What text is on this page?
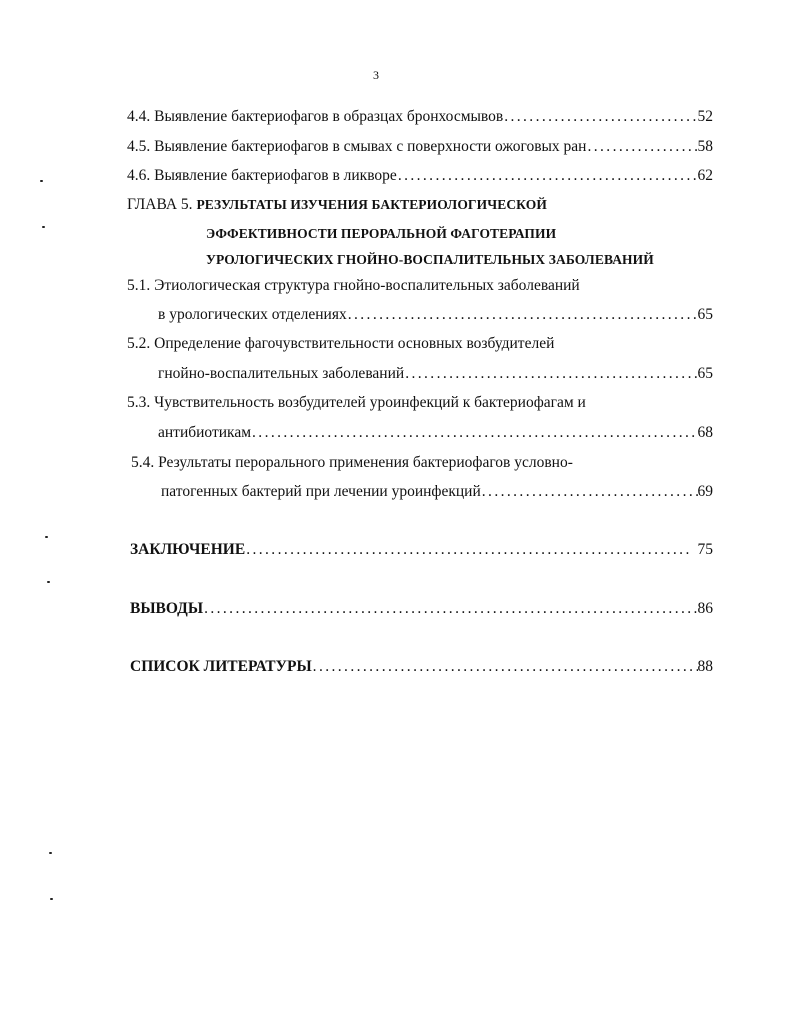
3
4.4. Выявление бактериофагов в образцах бронхосмывов .....	52
4.5. Выявление бактериофагов в смывах с поверхности ожоговых ран .....	58
4.6. Выявление бактериофагов в ликворе .....	62
ГЛАВА 5. РЕЗУЛЬТАТЫ ИЗУЧЕНИЯ БАКТЕРИОЛОГИЧЕСКОЙ
ЭФФЕКТИВНОСТИ ПЕРОРАЛЬНОЙ ФАГОТЕРАПИИ
УРОЛОГИЧЕСКИХ ГНОЙНО-ВОСПАЛИТЕЛЬНЫХ ЗАБОЛЕВАНИЙ
5.1. Этиологическая структура гнойно-воспалительных заболеваний
в урологических отделениях .....	65
5.2. Определение фагочувствительности основных возбудителей
гнойно-воспалительных заболеваний .....	65
5.3. Чувствительность возбудителей уроинфекций к бактериофагам и
антибиотикам .....	68
5.4. Результаты перорального применения бактериофагов условно-
патогенных бактерий при лечении уроинфекций .....	69
ЗАКЛЮЧЕНИЕ .....	75
ВЫВОДЫ .....	86
СПИСОК ЛИТЕРАТУРЫ .....	88
